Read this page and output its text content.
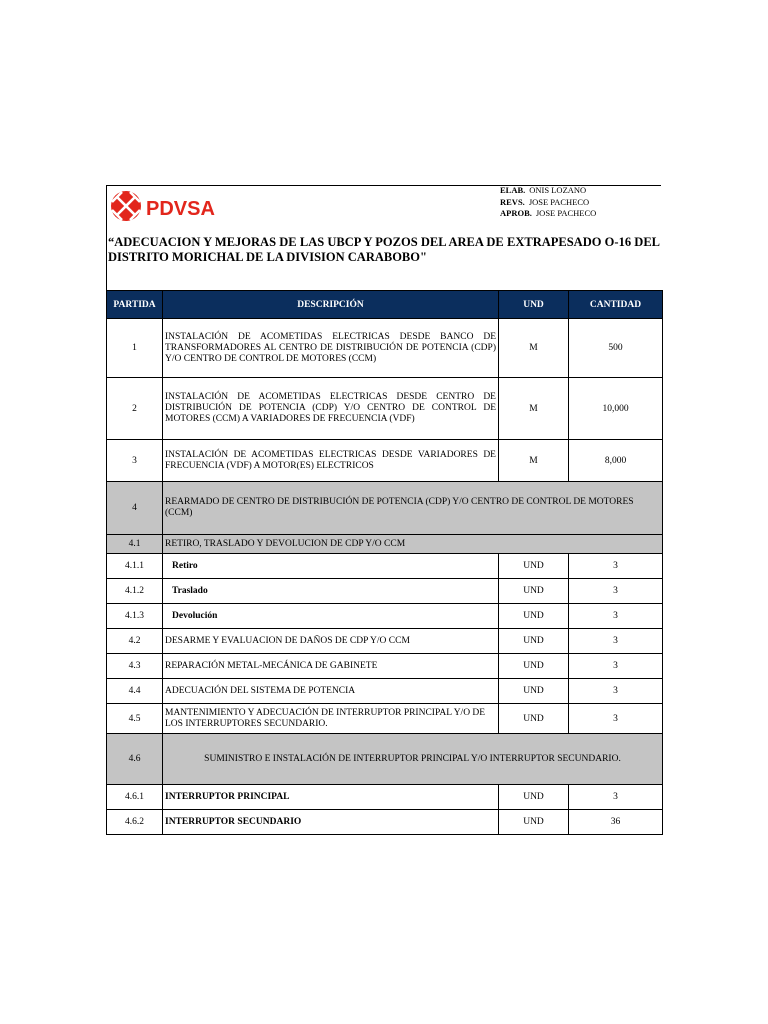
PDVSA
ELAB. ONIS LOZANO
REVS. JOSE PACHECO
APROB. JOSE PACHECO
“ADECUACION Y MEJORAS DE LAS UBCP Y POZOS DEL AREA DE EXTRAPESADO O-16 DEL DISTRITO MORICHAL DE LA DIVISION CARABOBO"
PARTIDA	DESCRIPCIÓN	UND	CANTIDAD
1	INSTALACIÓN DE ACOMETIDAS ELECTRICAS DESDE BANCO DE TRANSFORMADORES AL CENTRO DE DISTRIBUCIÓN DE POTENCIA (CDP) Y/O CENTRO DE CONTROL DE MOTORES (CCM)	M	500
2	INSTALACIÓN DE ACOMETIDAS ELECTRICAS DESDE CENTRO DE DISTRIBUCIÓN DE POTENCIA (CDP) Y/O CENTRO DE CONTROL DE MOTORES (CCM) A VARIADORES DE FRECUENCIA (VDF)	M	10,000
3	INSTALACIÓN DE ACOMETIDAS ELECTRICAS DESDE VARIADORES DE FRECUENCIA (VDF) A MOTOR(ES) ELECTRICOS	M	8,000
4	REARMADO DE CENTRO DE DISTRIBUCIÓN DE POTENCIA (CDP) Y/O CENTRO DE CONTROL DE MOTORES (CCM)		
4.1	RETIRO, TRASLADO Y DEVOLUCION DE CDP Y/O CCM		
4.1.1	Retiro	UND	3
4.1.2	Traslado	UND	3
4.1.3	Devolución	UND	3
4.2	DESARME Y EVALUACION DE DAÑOS DE CDP Y/O CCM	UND	3
4.3	REPARACIÓN METAL-MECÁNICA DE GABINETE	UND	3
4.4	ADECUACIÓN DEL SISTEMA DE POTENCIA	UND	3
4.5	MANTENIMIENTO Y ADECUACIÓN DE INTERRUPTOR PRINCIPAL Y/O DE LOS INTERRUPTORES SECUNDARIO.	UND	3
4.6	SUMINISTRO E INSTALACIÓN DE INTERRUPTOR PRINCIPAL Y/O INTERRUPTOR SECUNDARIO.		
4.6.1	INTERRUPTOR PRINCIPAL	UND	3
4.6.2	INTERRUPTOR SECUNDARIO	UND	36
